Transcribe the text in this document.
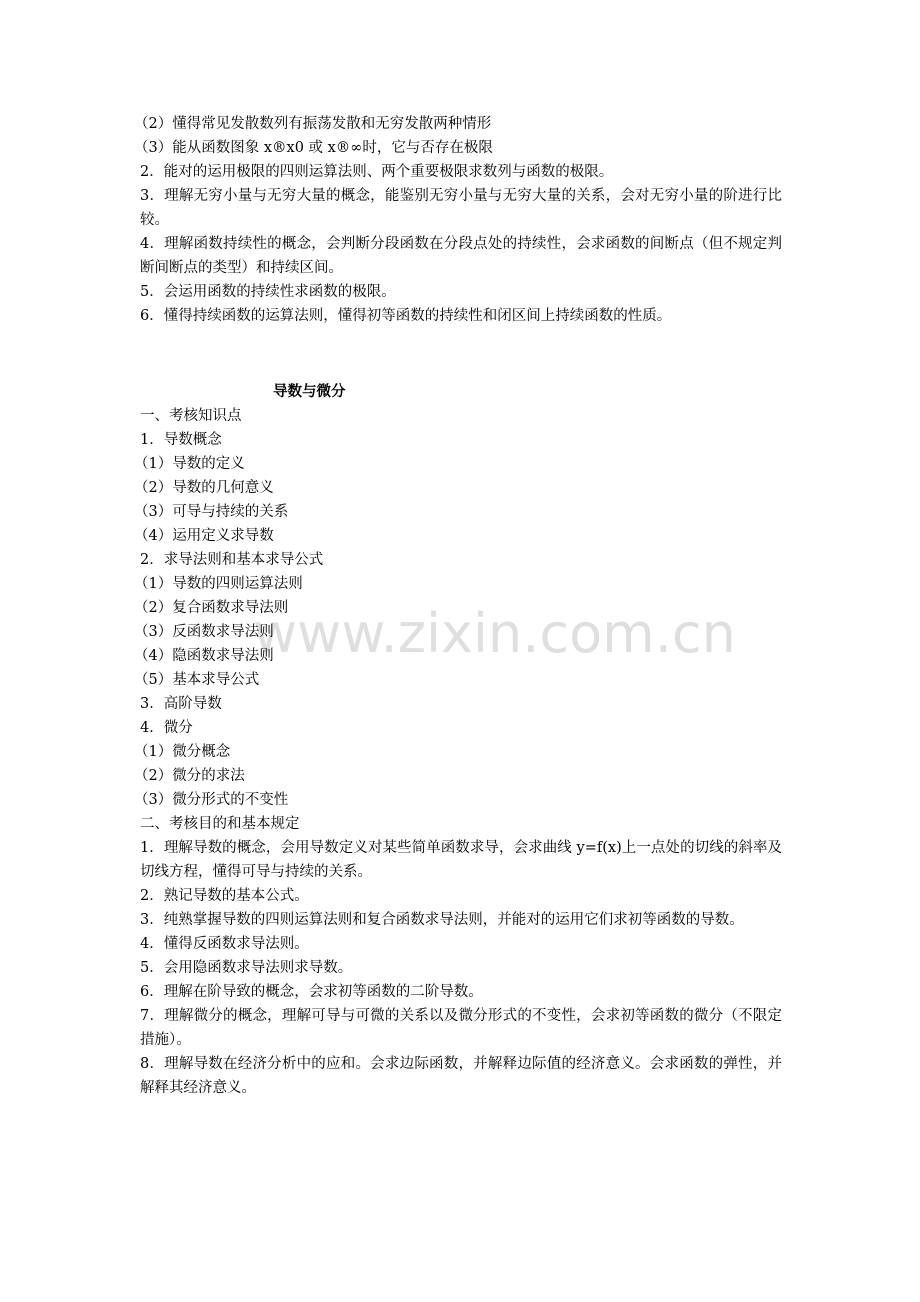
（2）懂得常见发散数列有振荡发散和无穷发散两种情形
（3）能从函数图象 x®x0 或 x®∞时，它与否存在极限
2．能对的运用极限的四则运算法则、两个重要极限求数列与函数的极限。
3．理解无穷小量与无穷大量的概念，能鉴别无穷小量与无穷大量的关系，会对无穷小量的阶进行比较。
4．理解函数持续性的概念，会判断分段函数在分段点处的持续性，会求函数的间断点（但不规定判断间断点的类型）和持续区间。
5．会运用函数的持续性求函数的极限。
6．懂得持续函数的运算法则，懂得初等函数的持续性和闭区间上持续函数的性质。
导数与微分
一、考核知识点
1．导数概念
（1）导数的定义
（2）导数的几何意义
（3）可导与持续的关系
（4）运用定义求导数
2．求导法则和基本求导公式
（1）导数的四则运算法则
（2）复合函数求导法则
（3）反函数求导法则
（4）隐函数求导法则
（5）基本求导公式
3．高阶导数
4．微分
（1）微分概念
（2）微分的求法
（3）微分形式的不变性
二、考核目的和基本规定
1．理解导数的概念，会用导数定义对某些简单函数求导，会求曲线 y=f(x)上一点处的切线的斜率及切线方程，懂得可导与持续的关系。
2．熟记导数的基本公式。
3．纯熟掌握导数的四则运算法则和复合函数求导法则，并能对的运用它们求初等函数的导数。
4．懂得反函数求导法则。
5．会用隐函数求导法则求导数。
6．理解在阶导致的概念，会求初等函数的二阶导数。
7．理解微分的概念，理解可导与可微的关系以及微分形式的不变性，会求初等函数的微分（不限定措施）。
8．理解导数在经济分析中的应和。会求边际函数，并解释边际值的经济意义。会求函数的弹性，并解释其经济意义。
www.zixin.com.cn
